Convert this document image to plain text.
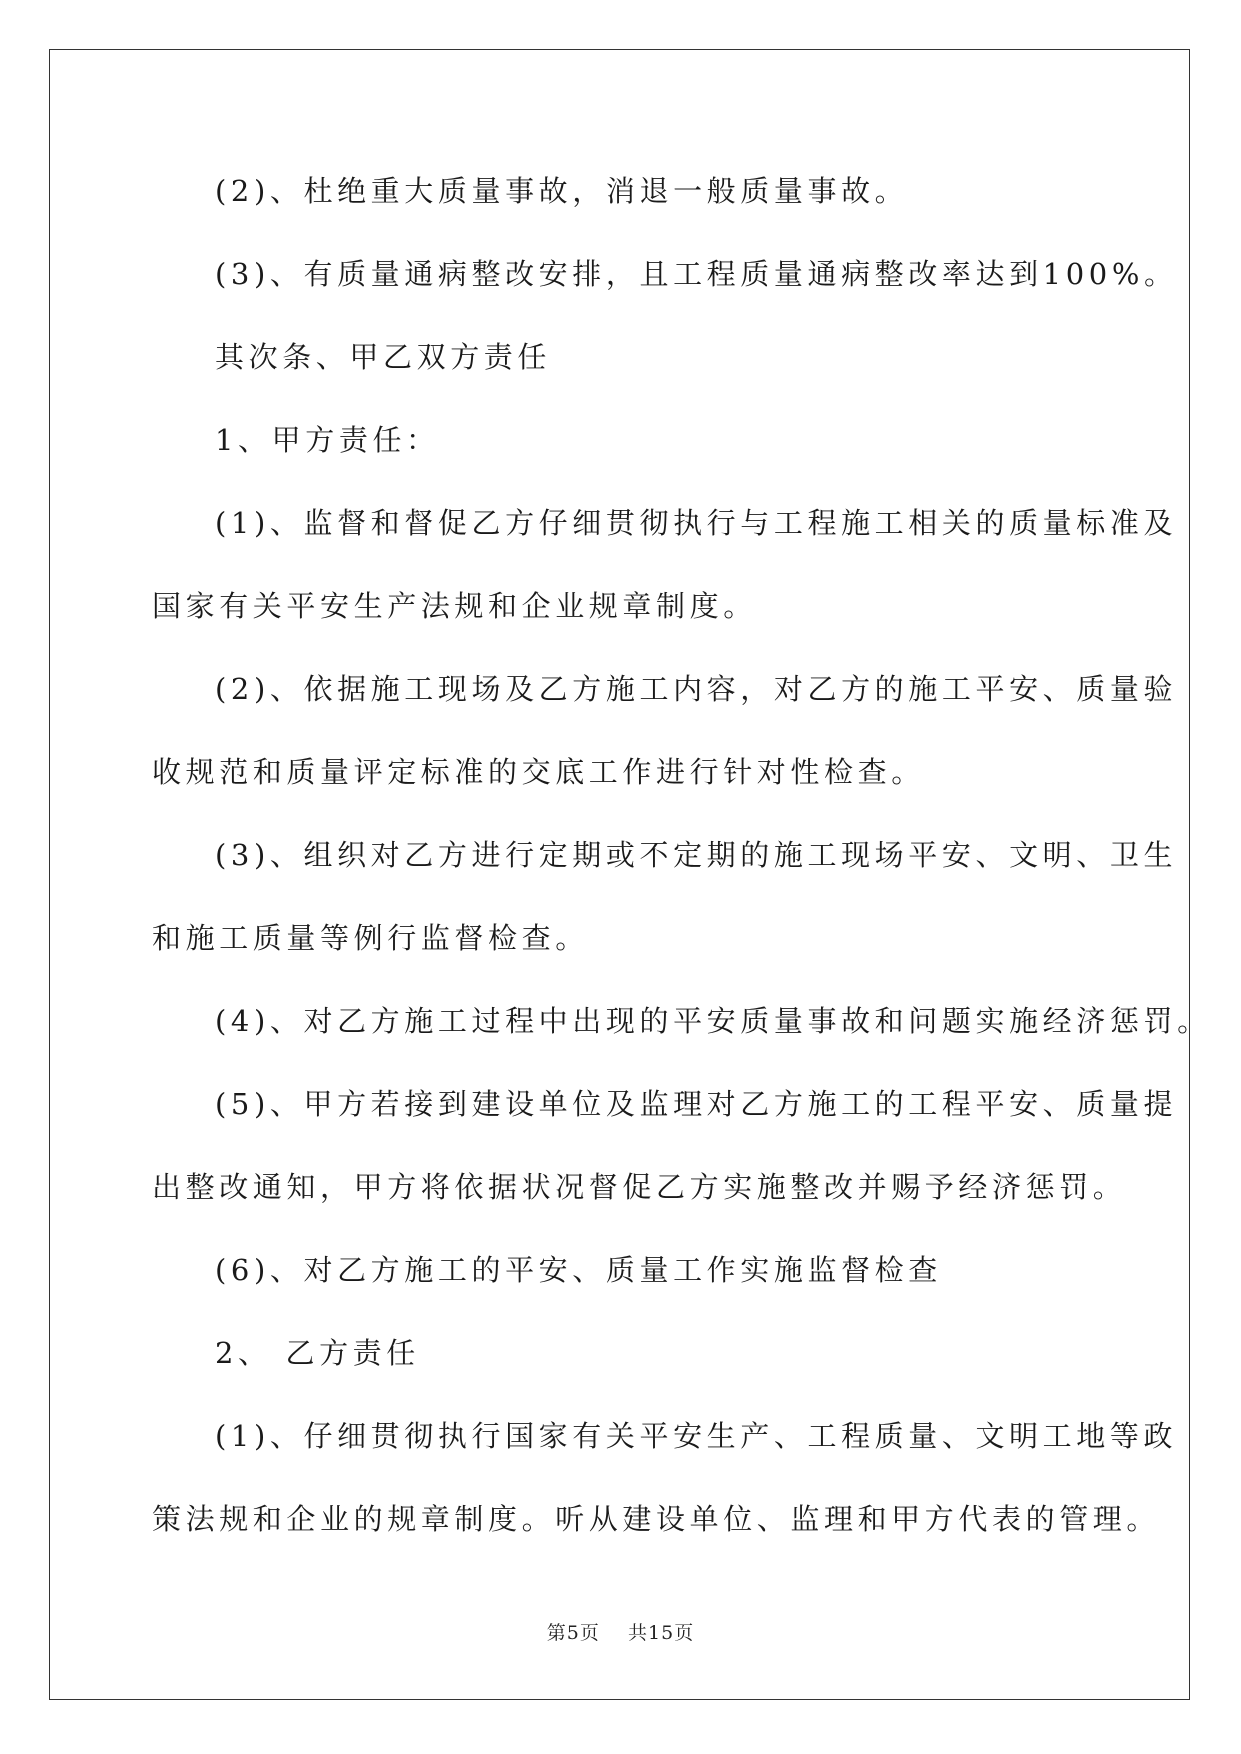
(2)、杜绝重大质量事故，消退一般质量事故。
(3)、有质量通病整改安排，且工程质量通病整改率达到100%。
其次条、甲乙双方责任
1、甲方责任：
(1)、监督和督促乙方仔细贯彻执行与工程施工相关的质量标准及
国家有关平安生产法规和企业规章制度。
(2)、依据施工现场及乙方施工内容，对乙方的施工平安、质量验
收规范和质量评定标准的交底工作进行针对性检查。
(3)、组织对乙方进行定期或不定期的施工现场平安、文明、卫生
和施工质量等例行监督检查。
(4)、对乙方施工过程中出现的平安质量事故和问题实施经济惩罚。
(5)、甲方若接到建设单位及监理对乙方施工的工程平安、质量提
出整改通知，甲方将依据状况督促乙方实施整改并赐予经济惩罚。
(6)、对乙方施工的平安、质量工作实施监督检查
2、 乙方责任
(1)、仔细贯彻执行国家有关平安生产、工程质量、文明工地等政
策法规和企业的规章制度。听从建设单位、监理和甲方代表的管理。
第5页    共15页
